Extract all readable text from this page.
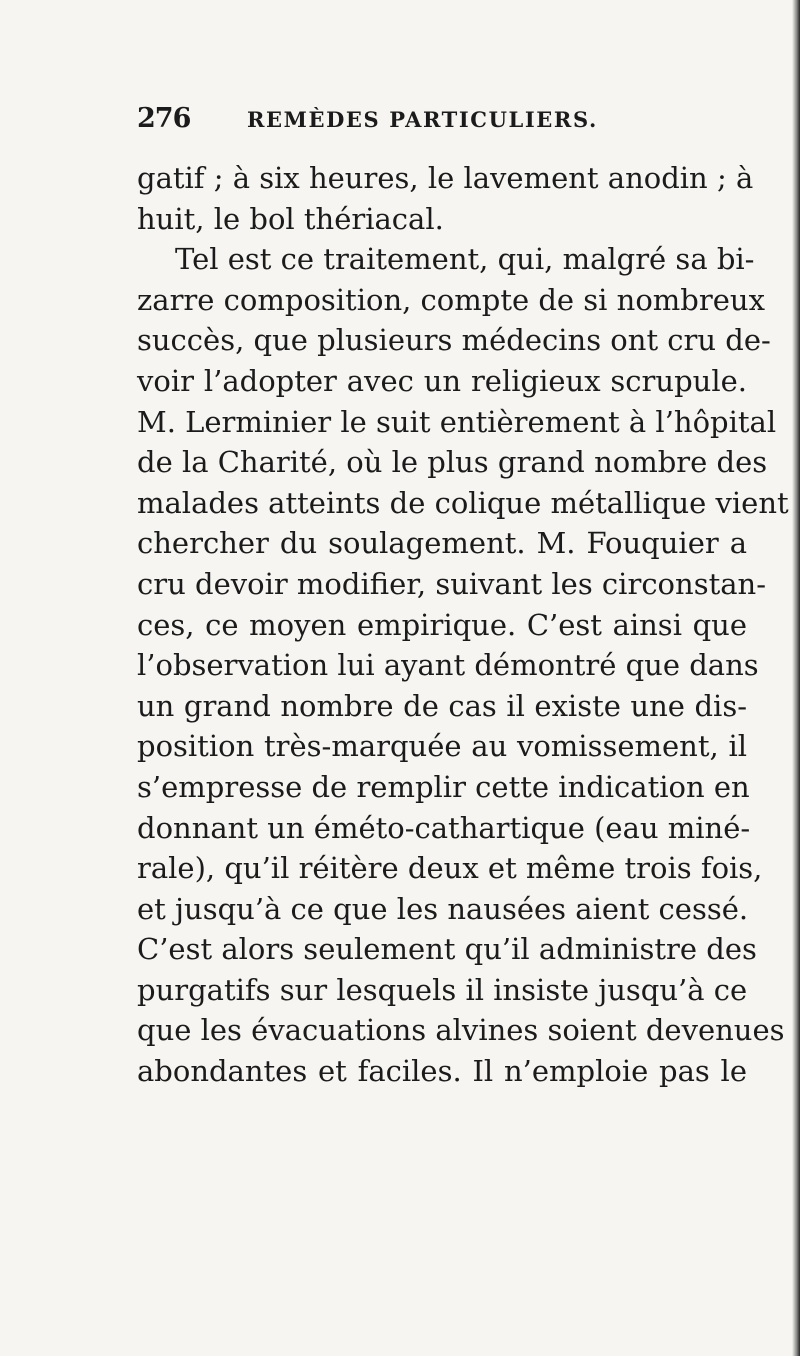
276	REMÈDES PARTICULIERS.
gatif ; à six heures, le lavement anodin ; à
huit, le bol thériacal.
Tel est ce traitement, qui, malgré sa bi-
zarre composition, compte de si nombreux
succès, que plusieurs médecins ont cru de-
voir l’adopter avec un religieux scrupule.
M. Lerminier le suit entièrement à l’hôpital
de la Charité, où le plus grand nombre des
malades atteints de colique métallique vient
chercher du soulagement. M. Fouquier a
cru devoir modifier, suivant les circonstan-
ces, ce moyen empirique. C’est ainsi que
l’observation lui ayant démontré que dans
un grand nombre de cas il existe une dis-
position très-marquée au vomissement, il
s’empresse de remplir cette indication en
donnant un éméto-cathartique (eau miné-
rale), qu’il réitère deux et même trois fois,
et jusqu’à ce que les nausées aient cessé.
C’est alors seulement qu’il administre des
purgatifs sur lesquels il insiste jusqu’à ce
que les évacuations alvines soient devenues
abondantes et faciles. Il n’emploie pas le
